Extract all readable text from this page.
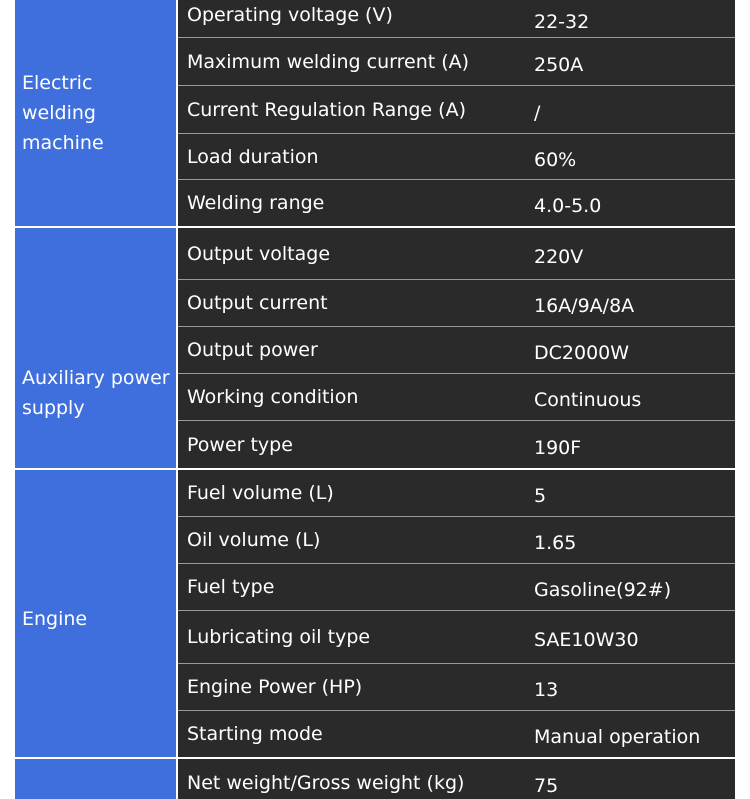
Electric welding machine
Operating voltage (V)	22-32
Maximum welding current (A)	250A
Current Regulation Range (A)	/
Load duration	60%
Welding range	4.0-5.0
Auxiliary power supply
Output voltage	220V
Output current	16A/9A/8A
Output power	DC2000W
Working condition	Continuous
Power type	190F
Engine
Fuel volume (L)	5
Oil volume (L)	1.65
Fuel type	Gasoline(92#)
Lubricating oil type	SAE10W30
Engine Power (HP)	13
Starting mode	Manual operation
Net weight/Gross weight (kg)	75
